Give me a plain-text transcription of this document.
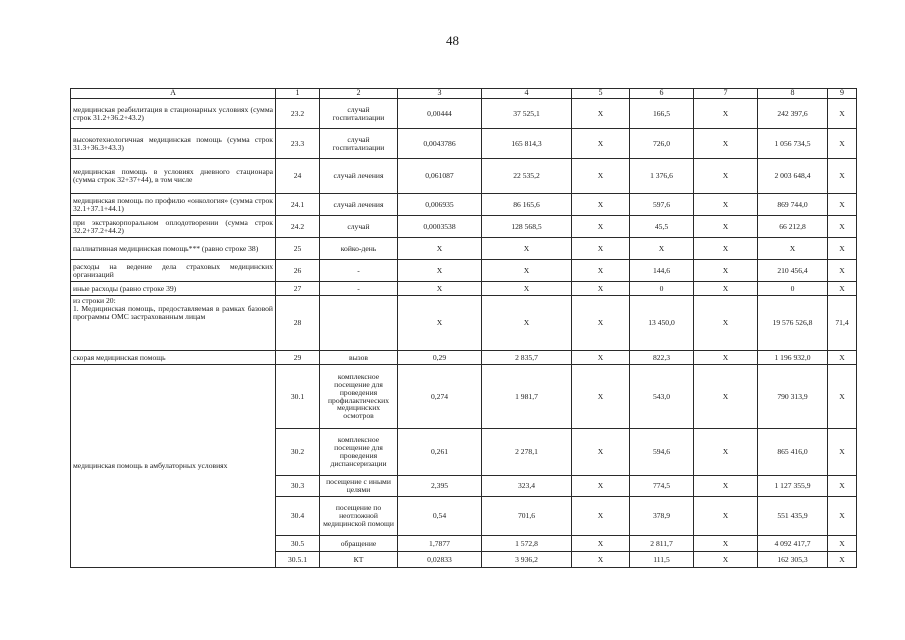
48
А	1	2	3	4	5	6	7	8	9
медицинская реабилитация в стационарных условиях (сумма строк 31.2+36.2+43.2)	23.2	случай госпитализации	0,00444	37 525,1	Х	166,5	Х	242 397,6	Х
высокотехнологичная медицинская помощь (сумма строк 31.3+36.3+43.3)	23.3	случай госпитализации	0,0043786	165 814,3	Х	726,0	Х	1 056 734,5	Х
медицинская помощь в условиях дневного стационара (сумма строк 32+37+44), в том числе	24	случай лечения	0,061087	22 535,2	Х	1 376,6	Х	2 003 648,4	Х
медицинская помощь по профилю «онкология» (сумма строк 32.1+37.1+44.1)	24.1	случай лечения	0,006935	86 165,6	Х	597,6	Х	869 744,0	Х
при экстракорпоральном оплодотворении (сумма строк 32.2+37.2+44.2)	24.2	случай	0,0003538	128 568,5	Х	45,5	Х	66 212,8	Х
паллиативная медицинская помощь*** (равно строке 38)	25	койко-день	Х	Х	Х	Х	Х	Х	Х
расходы на ведение дела страховых медицинских организаций	26	-	Х	Х	Х	144,6	Х	210 456,4	Х
иные расходы (равно строке 39)	27	-	Х	Х	Х	0	Х	0	Х

из строки 20:
1. Медицинская помощь, предоставляемая в рамках базовой программы ОМС застрахованным лицам	28		Х	Х	Х	13 450,0	Х	19 576 526,8	71,4
скорая медицинская помощь	29	вызов	0,29	2 835,7	Х	822,3	Х	1 196 932,0	Х
медицинская помощь в амбулаторных условиях	30.1	комплексное посещение для проведения профилактических медицинских осмотров	0,274	1 981,7	Х	543,0	Х	790 313,9	Х
	30.2	комплексное посещение для проведения диспансеризации	0,261	2 278,1	Х	594,6	Х	865 416,0	Х
	30.3	посещение с иными целями	2,395	323,4	Х	774,5	Х	1 127 355,9	Х
	30.4	посещение по неотложной медицинской помощи	0,54	701,6	Х	378,9	Х	551 435,9	Х
	30.5	обращение	1,7877	1 572,8	Х	2 811,7	Х	4 092 417,7	Х
	30.5.1	КТ	0,02833	3 936,2	Х	111,5	Х	162 305,3	Х
